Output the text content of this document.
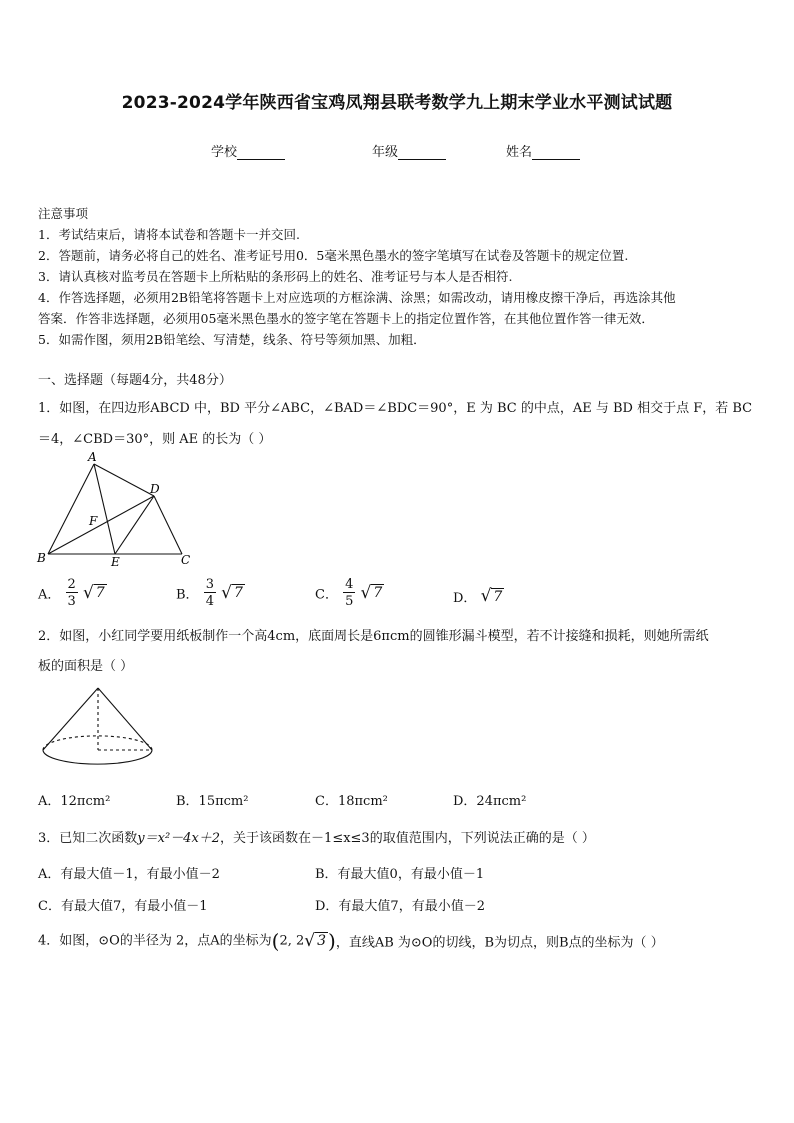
2023-2024学年陕西省宝鸡凤翔县联考数学九上期末学业水平测试试题
学校	年级	姓名
注意事项
1．考试结束后，请将本试卷和答题卡一并交回.
2．答题前，请务必将自己的姓名、准考证号用0．5毫米黑色墨水的签字笔填写在试卷及答题卡的规定位置.
3．请认真核对监考员在答题卡上所粘贴的条形码上的姓名、准考证号与本人是否相符.
4．作答选择题，必须用2B铅笔将答题卡上对应选项的方框涂满、涂黑；如需改动，请用橡皮擦干净后，再选涂其他
答案．作答非选择题，必须用05毫米黑色墨水的签字笔在答题卡上的指定位置作答，在其他位置作答一律无效．
5．如需作图，须用2B铅笔绘、写清楚，线条、符号等须加黑、加粗．
一、选择题（每题4分，共48分）
1．如图，在四边形ABCD 中，BD 平分∠ABC，∠BAD＝∠BDC＝90°，E 为 BC 的中点，AE 与 BD 相交于点 F，若 BC
＝4，∠CBD＝30°，则 AE 的长为（ ）
A
D
F
B	E	C
A． $\frac{2}{3}$
√ 7	B． $\frac{3}{4}$
√ 7	C． $\frac{4}{5}$
√ 7	D． √ 7
2．如图，小红同学要用纸板制作一个高4cm，底面周长是6πcm的圆锥形漏斗模型，若不计接缝和损耗，则她所需纸
板的面积是（ ）
A．12πcm²	B．15πcm²	C．18πcm²	D．24πcm²
3．已知二次函数y＝x²－4x＋2，关于该函数在－1≤x≤3的取值范围内，下列说法正确的是（ ）
A．有最大值－1，有最小值－2	B．有最大值0，有最小值－1
C．有最大值7，有最小值－1	D．有最大值7，有最小值－2
4．如图，⊙O的半径为 2，点A的坐标为(2, 2 √ 3 )，直线AB 为⊙O的切线，B为切点，则B点的坐标为（ ）
